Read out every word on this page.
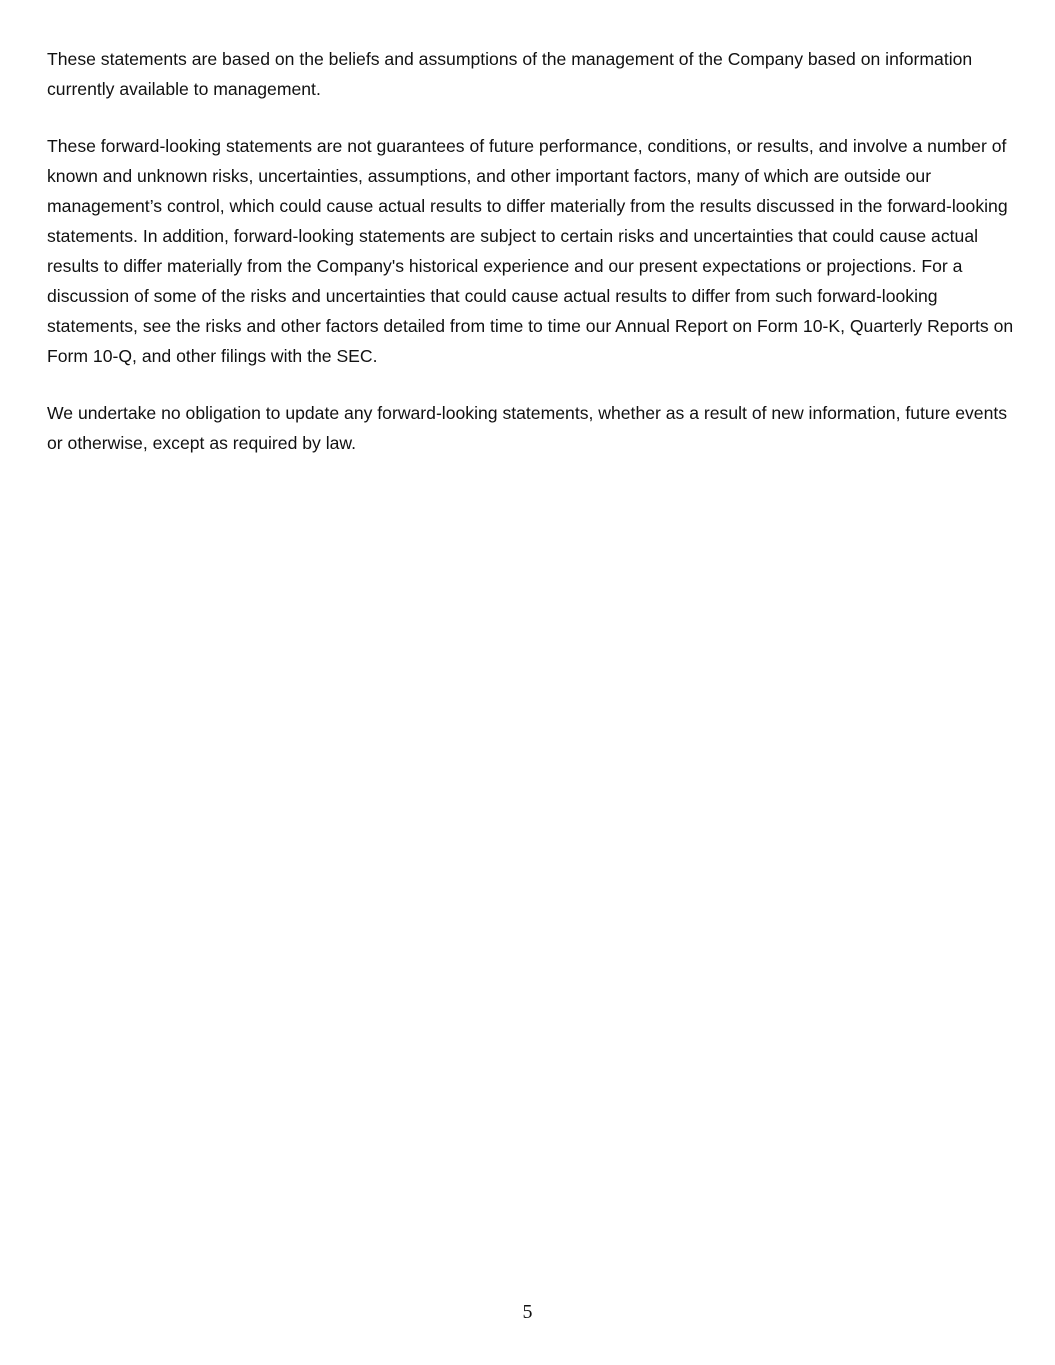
These statements are based on the beliefs and assumptions of the management of the Company based on information currently available to management.

These forward-looking statements are not guarantees of future performance, conditions, or results, and involve a number of known and unknown risks, uncertainties, assumptions, and other important factors, many of which are outside our management’s control, which could cause actual results to differ materially from the results discussed in the forward-looking statements. In addition, forward-looking statements are subject to certain risks and uncertainties that could cause actual results to differ materially from the Company's historical experience and our present expectations or projections. For a discussion of some of the risks and uncertainties that could cause actual results to differ from such forward-looking statements, see the risks and other factors detailed from time to time our Annual Report on Form 10-K, Quarterly Reports on Form 10-Q, and other filings with the SEC.

We undertake no obligation to update any forward-looking statements, whether as a result of new information, future events or otherwise, except as required by law.

5
